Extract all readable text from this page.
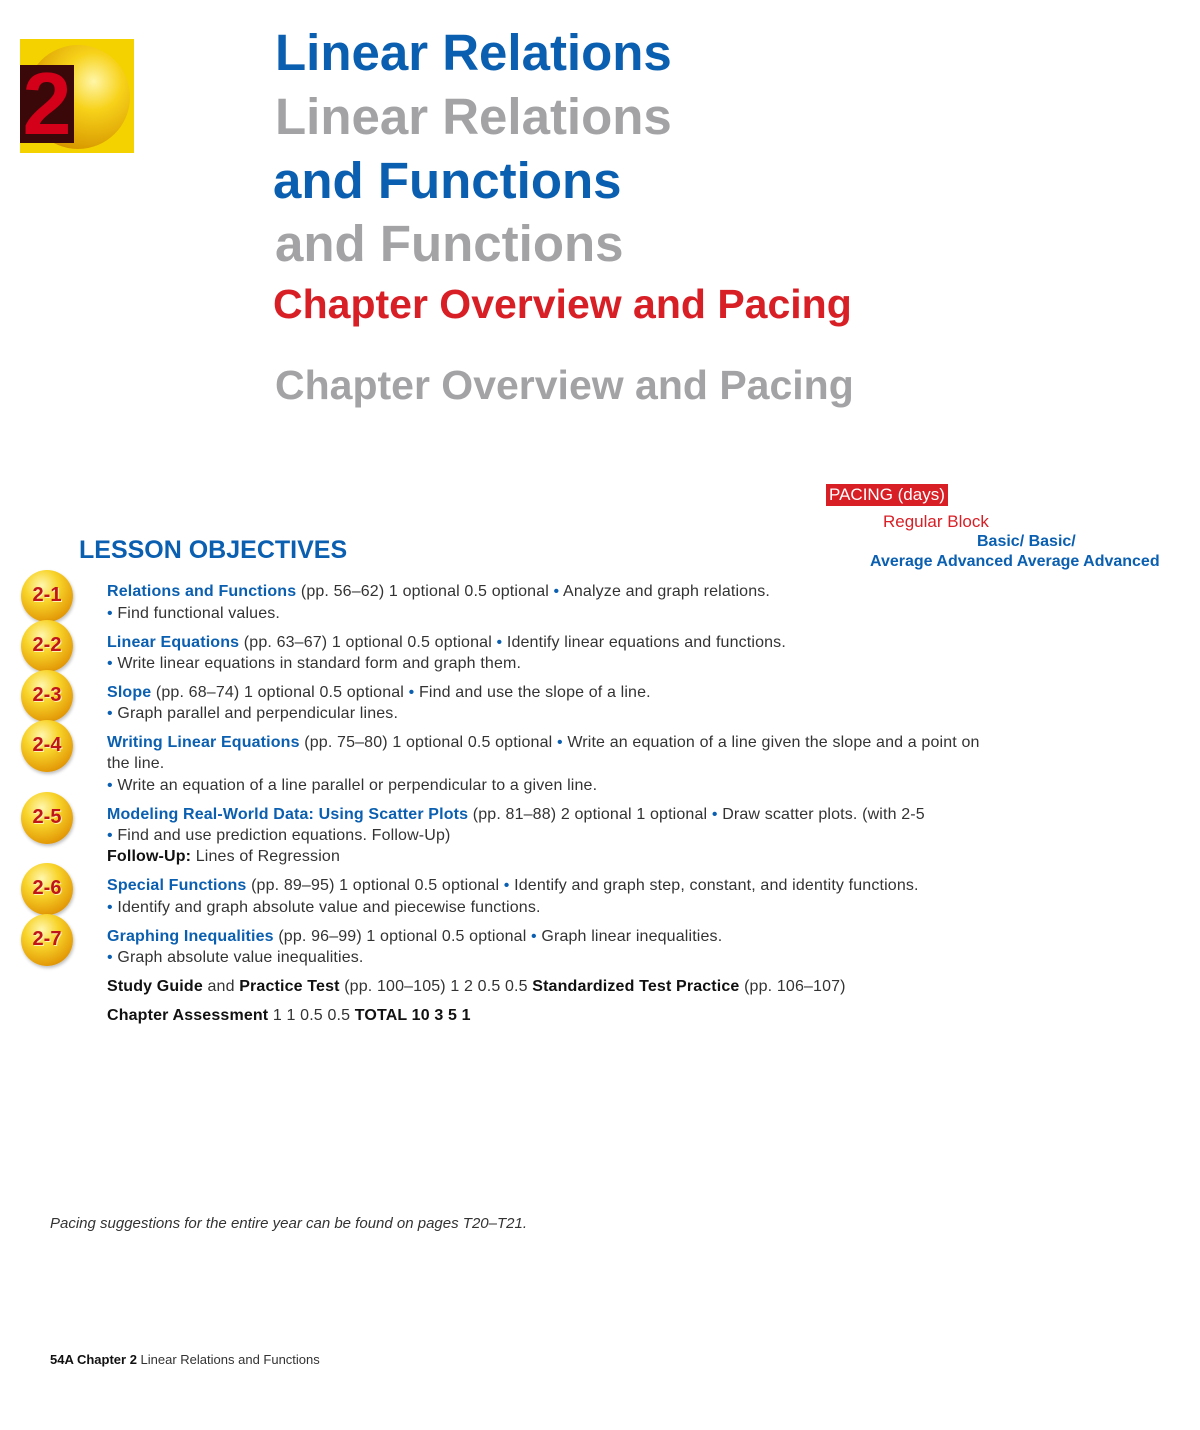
2
Linear Relations
Linear Relations
and Functions
and Functions
Chapter Overview and Pacing
Chapter Overview and Pacing
PACING (days)
Regular Block
Basic/ Basic/
Average Advanced Average Advanced
LESSON OBJECTIVES
2-1
2-2
2-3
2-4
2-5
2-6
2-7
Relations and Functions (pp. 56–62) 1 optional 0.5 optional • Analyze and graph relations.
• Find functional values.
Linear Equations (pp. 63–67) 1 optional 0.5 optional • Identify linear equations and functions.
• Write linear equations in standard form and graph them.
Slope (pp. 68–74) 1 optional 0.5 optional • Find and use the slope of a line.
• Graph parallel and perpendicular lines.
Writing Linear Equations (pp. 75–80) 1 optional 0.5 optional • Write an equation of a line given the slope and a point on
the line.
• Write an equation of a line parallel or perpendicular to a given line.
Modeling Real-World Data: Using Scatter Plots (pp. 81–88) 2 optional 1 optional • Draw scatter plots. (with 2-5
• Find and use prediction equations. Follow-Up)
Follow-Up: Lines of Regression
Special Functions (pp. 89–95) 1 optional 0.5 optional • Identify and graph step, constant, and identity functions.
• Identify and graph absolute value and piecewise functions.
Graphing Inequalities (pp. 96–99) 1 optional 0.5 optional • Graph linear inequalities.
• Graph absolute value inequalities.
Study Guide and Practice Test (pp. 100–105) 1 2 0.5 0.5 Standardized Test Practice (pp. 106–107)
Chapter Assessment 1 1 0.5 0.5 TOTAL 10 3 5 1
Pacing suggestions for the entire year can be found on pages T20–T21.
54A Chapter 2 Linear Relations and Functions
